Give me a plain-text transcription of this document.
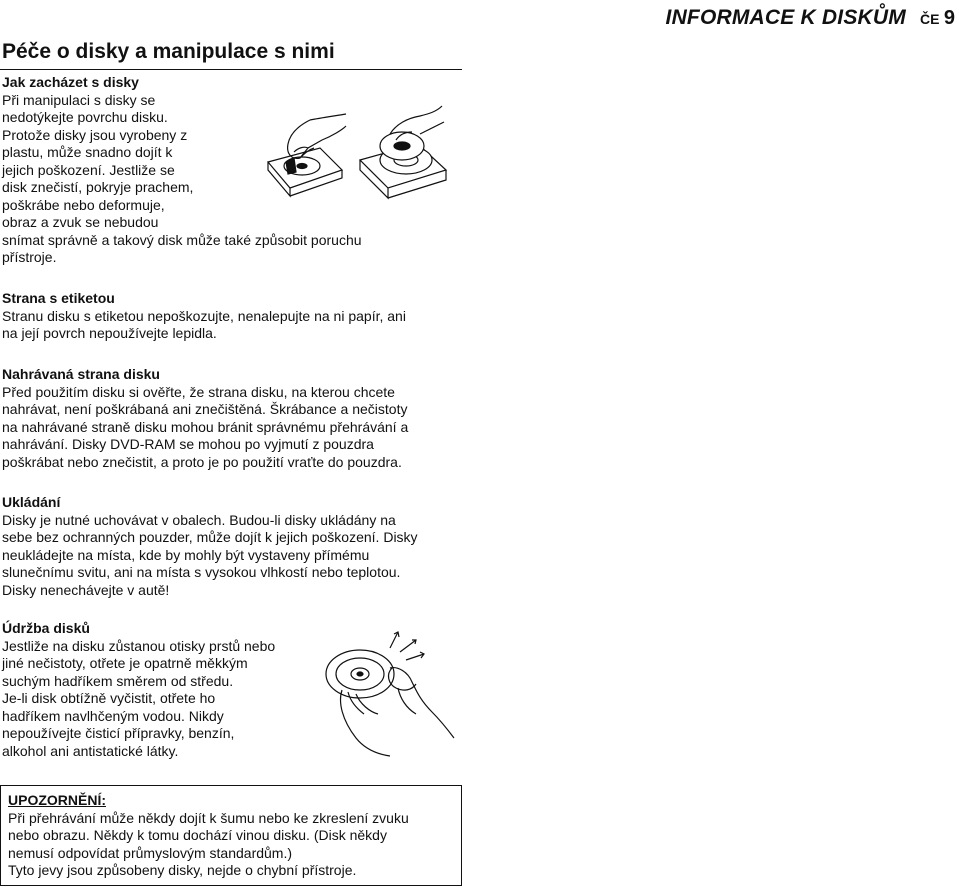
INFORMACE K DISKŮM ČE 9
Péče o disky a manipulace s nimi
Jak zacházet s disky
Při manipulaci s disky se
nedotýkejte povrchu disku.
Protože disky jsou vyrobeny z
plastu, může snadno dojít k
jejich poškození. Jestliže se
disk znečistí, pokryje prachem,
poškrábe nebo deformuje,
obraz a zvuk se nebudou
snímat správně a takový disk může také způsobit poruchu
přístroje.
Strana s etiketou
Stranu disku s etiketou nepoškozujte, nenalepujte na ni papír, ani
na její povrch nepoužívejte lepidla.
Nahrávaná strana disku
Před použitím disku si ověřte, že strana disku, na kterou chcete
nahrávat, není poškrábaná ani znečištěná. Škrábance a nečistoty
na nahrávané straně disku mohou bránit správnému přehrávání a
nahrávání. Disky DVD-RAM se mohou po vyjmutí z pouzdra
poškrábat nebo znečistit, a proto je po použití vraťte do pouzdra.
Ukládání
Disky je nutné uchovávat v obalech. Budou-li disky ukládány na
sebe bez ochranných pouzder, může dojít k jejich poškození. Disky
neukládejte na místa, kde by mohly být vystaveny přímému
slunečnímu svitu, ani na místa s vysokou vlhkostí nebo teplotou.
Disky nenechávejte v autě!
Údržba disků
Jestliže na disku zůstanou otisky prstů nebo
jiné nečistoty, otřete je opatrně měkkým
suchým hadříkem směrem od středu.
Je-li disk obtížně vyčistit, otřete ho
hadříkem navlhčeným vodou. Nikdy
nepoužívejte čisticí přípravky, benzín,
alkohol ani antistatické látky.
UPOZORNĚNÍ:
Při přehrávání může někdy dojít k šumu nebo ke zkreslení zvuku
nebo obrazu. Někdy k tomu dochází vinou disku. (Disk někdy
nemusí odpovídat průmyslovým standardům.)
Tyto jevy jsou způsobeny disky, nejde o chybní přístroje.
